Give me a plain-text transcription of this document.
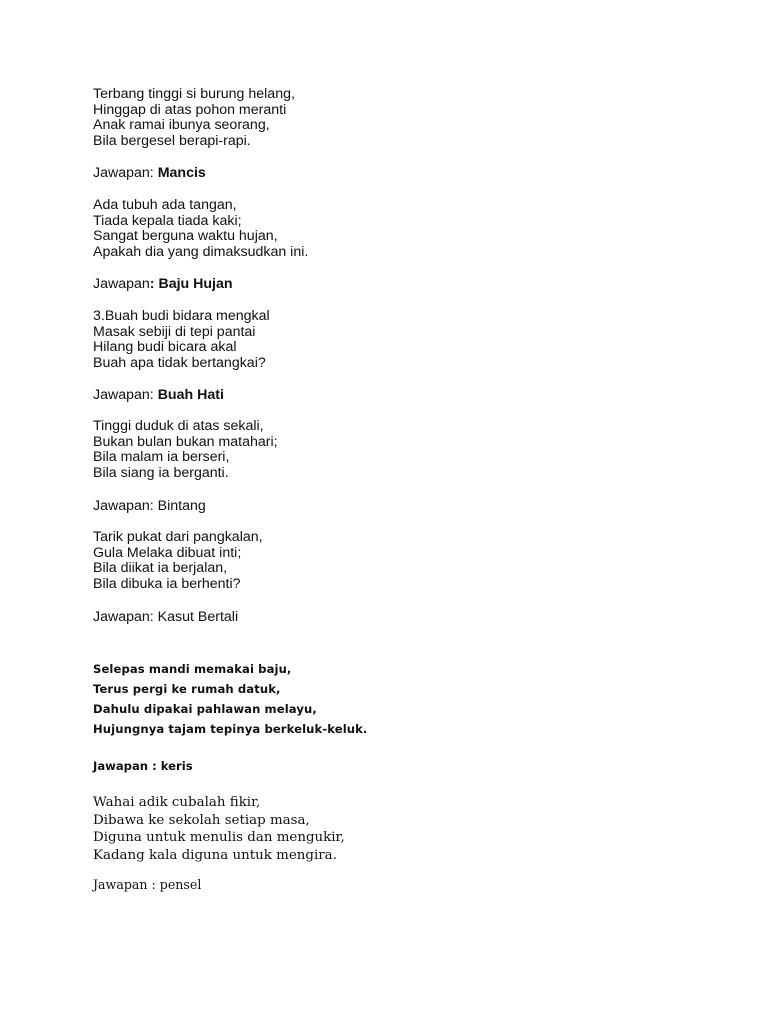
Terbang tinggi si burung helang,
Hinggap di atas pohon meranti
Anak ramai ibunya seorang,
Bila bergesel berapi-rapi.
Jawapan: Mancis
Ada tubuh ada tangan,
Tiada kepala tiada kaki;
Sangat berguna waktu hujan,
Apakah dia yang dimaksudkan ini.
Jawapan: Baju Hujan
3.Buah budi bidara mengkal
Masak sebiji di tepi pantai
Hilang budi bicara akal
Buah apa tidak bertangkai?
Jawapan: Buah Hati
Tinggi duduk di atas sekali,
Bukan bulan bukan matahari;
Bila malam ia berseri,
Bila siang ia berganti.
Jawapan: Bintang
Tarik pukat dari pangkalan,
Gula Melaka dibuat inti;
Bila diikat ia berjalan,
Bila dibuka ia berhenti?
Jawapan: Kasut Bertali
Selepas mandi memakai baju,
Terus pergi ke rumah datuk,
Dahulu dipakai pahlawan melayu,
Hujungnya tajam tepinya berkeluk-keluk.
Jawapan : keris
Wahai adik cubalah fikir,
Dibawa ke sekolah setiap masa,
Diguna untuk menulis dan mengukir,
Kadang kala diguna untuk mengira.
Jawapan : pensel
